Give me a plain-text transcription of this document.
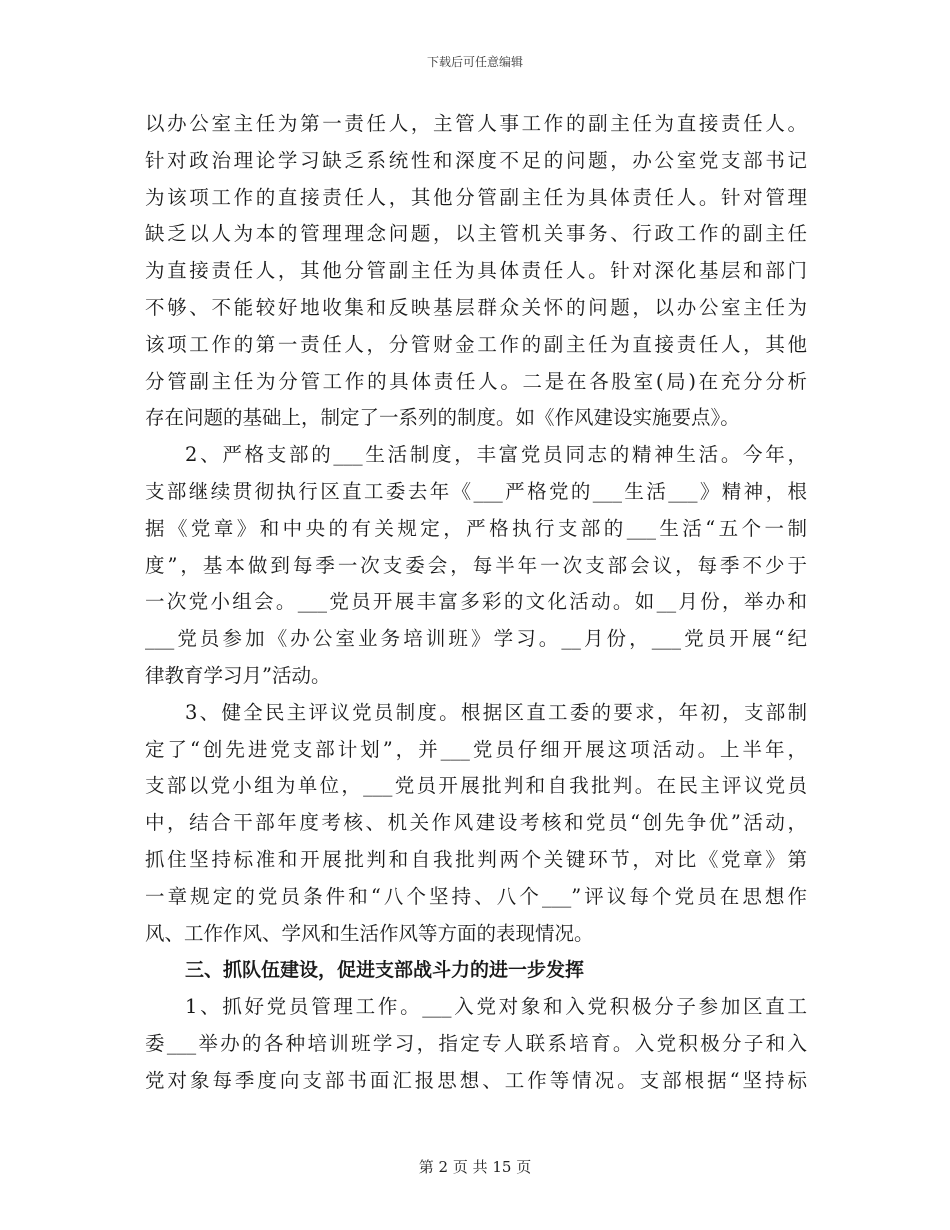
下载后可任意编辑
以办公室主任为第一责任人，主管人事工作的副主任为直接责任人。
针对政治理论学习缺乏系统性和深度不足的问题，办公室党支部书记
为该项工作的直接责任人，其他分管副主任为具体责任人。针对管理
缺乏以人为本的管理理念问题，以主管机关事务、行政工作的副主任
为直接责任人，其他分管副主任为具体责任人。针对深化基层和部门
不够、不能较好地收集和反映基层群众关怀的问题，以办公室主任为
该项工作的第一责任人，分管财金工作的副主任为直接责任人，其他
分管副主任为分管工作的具体责任人。二是在各股室(局)在充分分析
存在问题的基础上，制定了一系列的制度。如《作风建设实施要点》。
2、严格支部的___生活制度，丰富党员同志的精神生活。今年，
支部继续贯彻执行区直工委去年《___严格党的___生活___》精神，根
据《党章》和中央的有关规定，严格执行支部的___生活“五个一制
度”，基本做到每季一次支委会，每半年一次支部会议，每季不少于
一次党小组会。___党员开展丰富多彩的文化活动。如__月份，举办和
___党员参加《办公室业务培训班》学习。__月份，___党员开展“纪
律教育学习月”活动。
3、健全民主评议党员制度。根据区直工委的要求，年初，支部制
定了“创先进党支部计划”，并___党员仔细开展这项活动。上半年，
支部以党小组为单位，___党员开展批判和自我批判。在民主评议党员
中，结合干部年度考核、机关作风建设考核和党员“创先争优”活动，
抓住坚持标准和开展批判和自我批判两个关键环节，对比《党章》第
一章规定的党员条件和“八个坚持、八个___”评议每个党员在思想作
风、工作作风、学风和生活作风等方面的表现情况。
三、抓队伍建设，促进支部战斗力的进一步发挥
1、抓好党员管理工作。___入党对象和入党积极分子参加区直工
委___举办的各种培训班学习，指定专人联系培育。入党积极分子和入
党对象每季度向支部书面汇报思想、工作等情况。支部根据“坚持标
第 2 页 共 15 页
